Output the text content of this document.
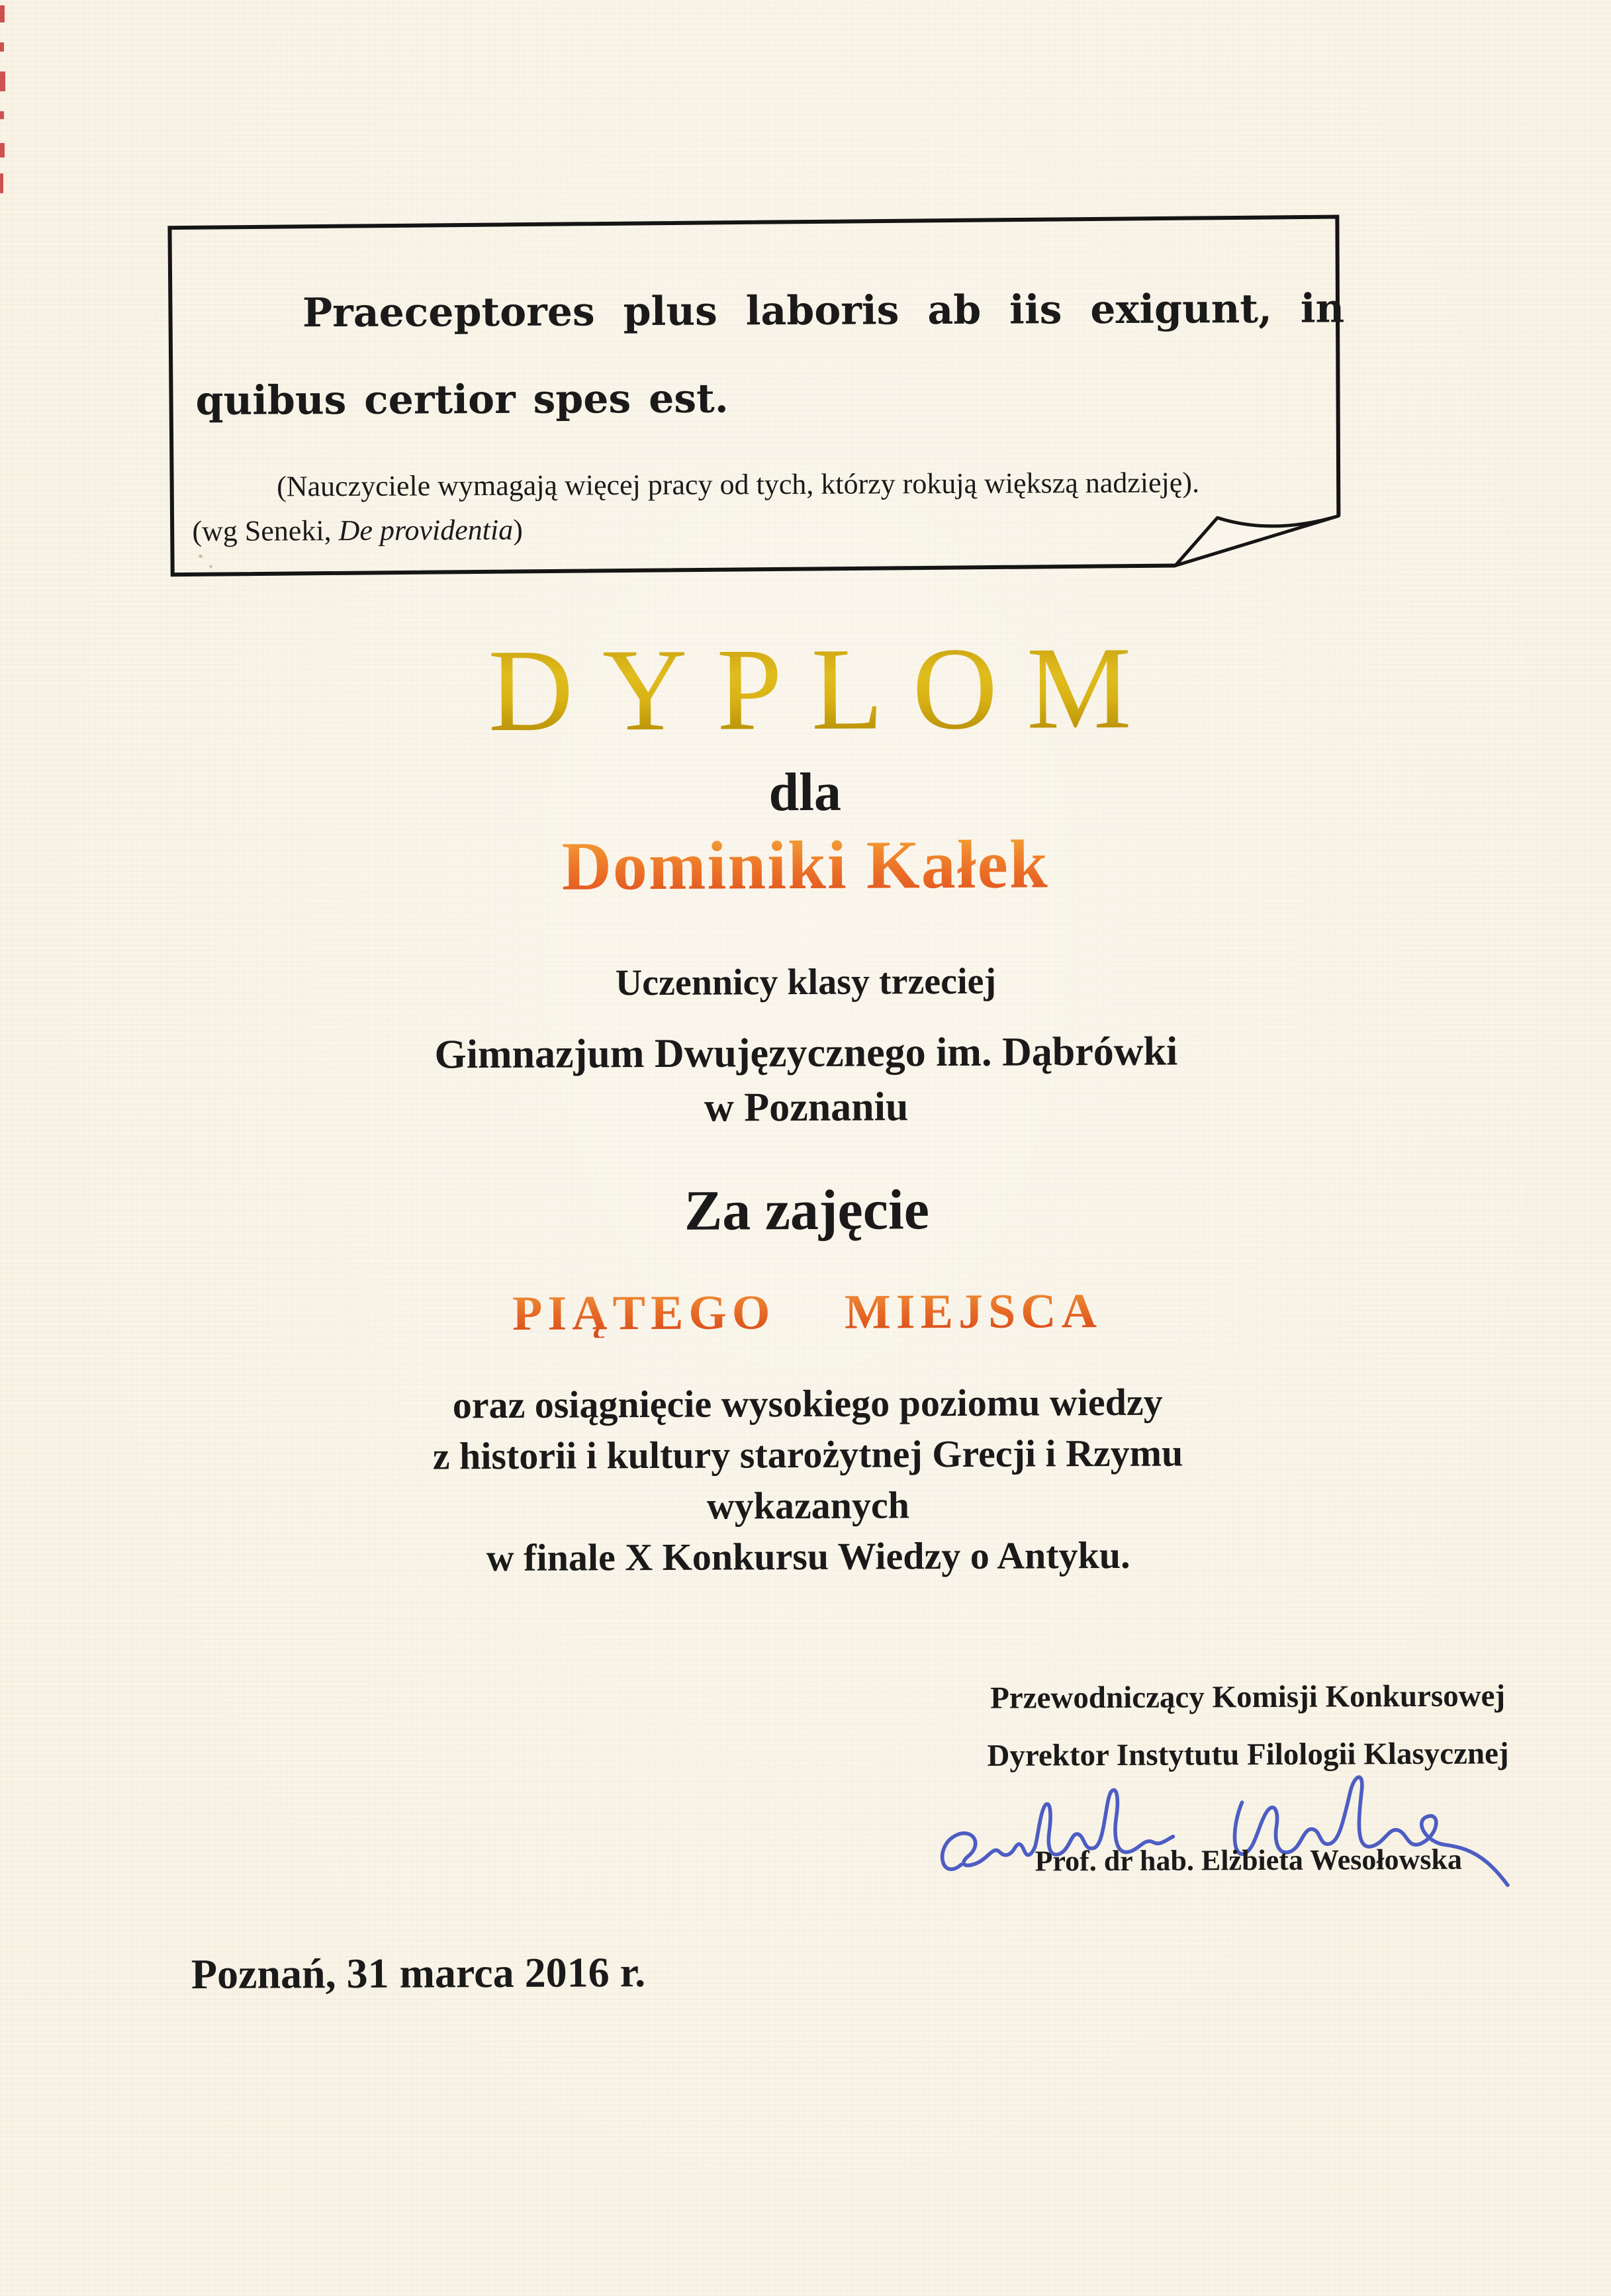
Praeceptores plus laboris ab iis exigunt, in

quibus certior spes est.

(Nauczyciele wymagają więcej pracy od tych, którzy rokują większą nadzieję).

(wg Seneki, De providentia)

DYPLOM

dla

Dominiki Kałek

Uczennicy klasy trzeciej

Gimnazjum Dwujęzycznego im. Dąbrówki

w Poznaniu

Za zajęcie

PIĄTEGO MIEJSCA

oraz osiągnięcie wysokiego poziomu wiedzy

z historii i kultury starożytnej Grecji i Rzymu

wykazanych

w finale X Konkursu Wiedzy o Antyku.

Przewodniczący Komisji Konkursowej

Dyrektor Instytutu Filologii Klasycznej

Prof. dr hab. Elżbieta Wesołowska

Poznań, 31 marca 2016 r.
